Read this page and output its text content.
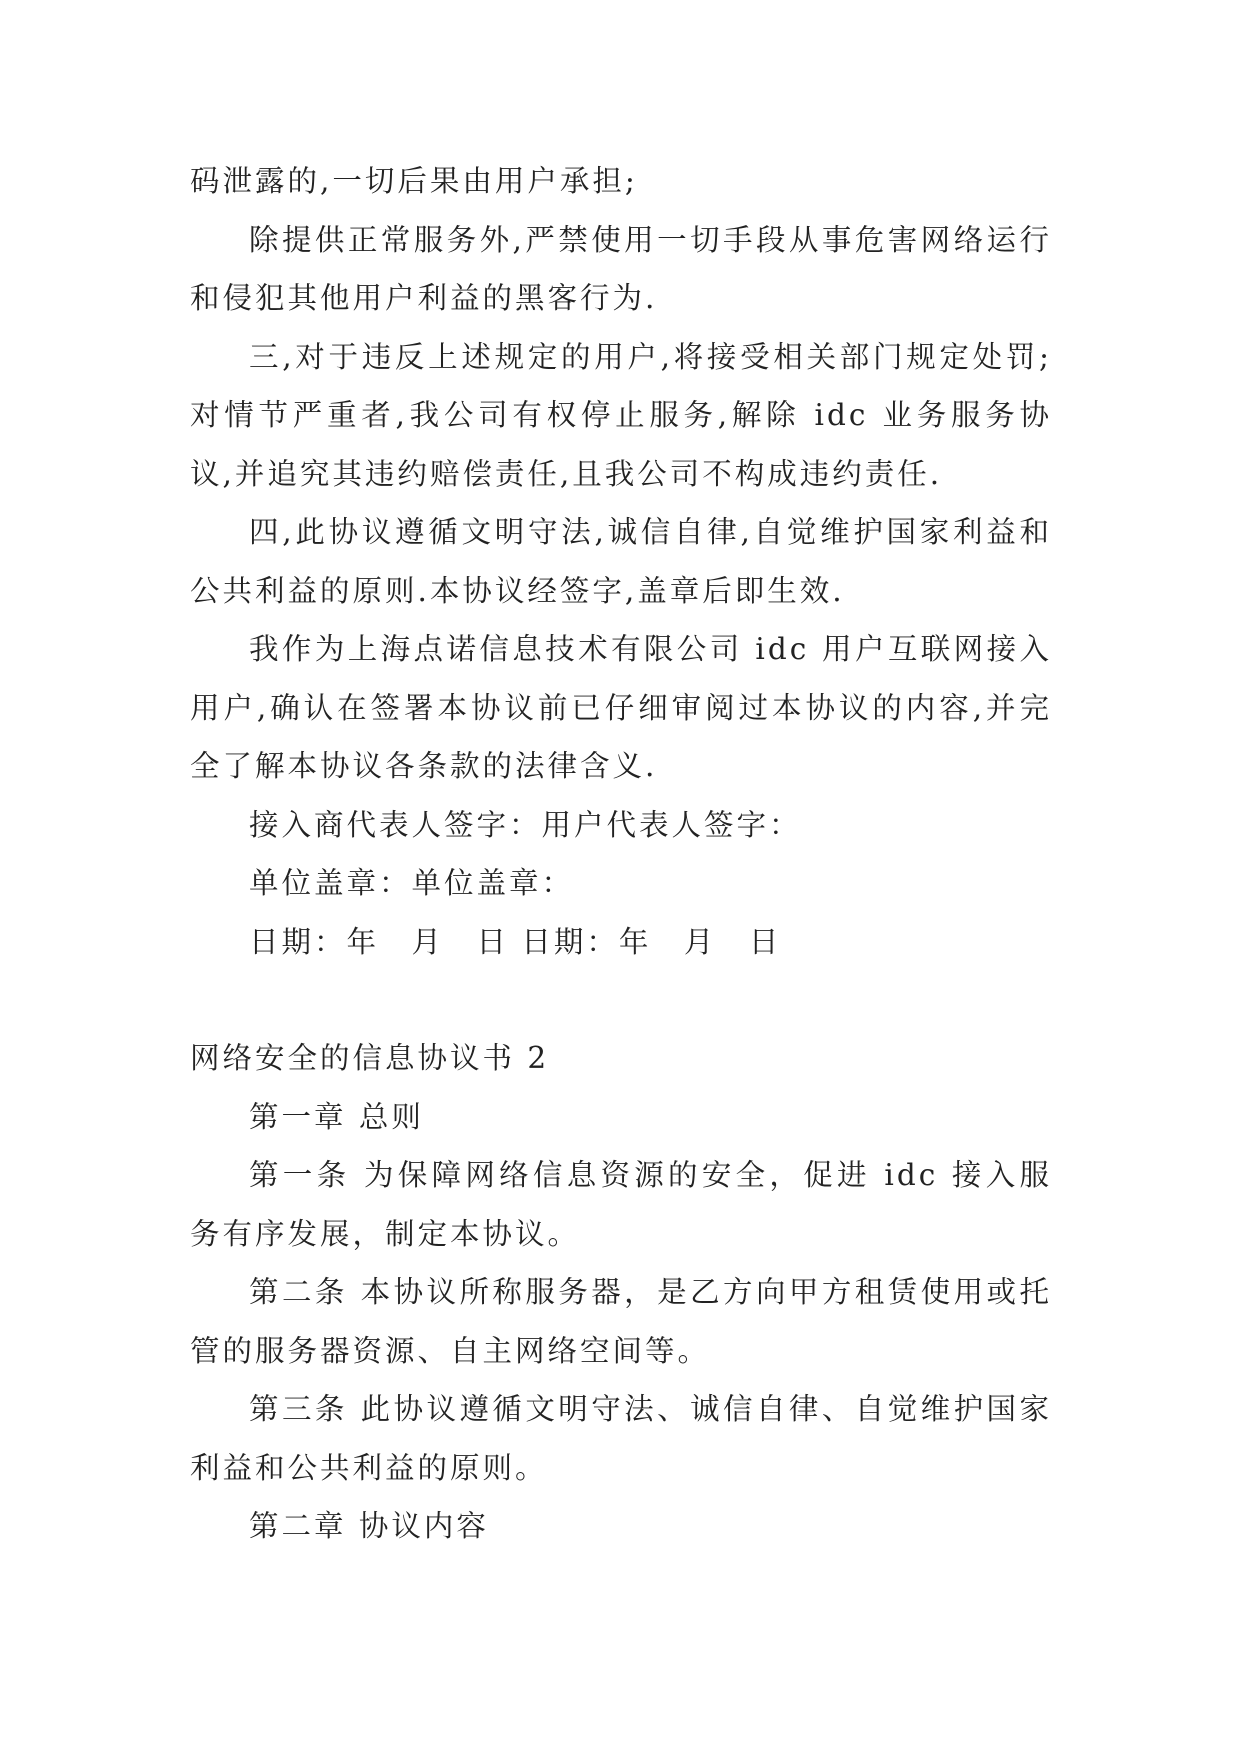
码泄露的,一切后果由用户承担;

除提供正常服务外,严禁使用一切手段从事危害网络运行和侵犯其他用户利益的黑客行为.

三,对于违反上述规定的用户,将接受相关部门规定处罚;对情节严重者,我公司有权停止服务,解除 idc 业务服务协议,并追究其违约赔偿责任,且我公司不构成违约责任.

四,此协议遵循文明守法,诚信自律,自觉维护国家利益和公共利益的原则.本协议经签字,盖章后即生效.

我作为上海点诺信息技术有限公司 idc 用户互联网接入用户,确认在签署本协议前已仔细审阅过本协议的内容,并完全了解本协议各条款的法律含义.

接入商代表人签字：用户代表人签字：

单位盖章：单位盖章：

日期：年　月　日 日期：年　月　日

网络安全的信息协议书 2

第一章 总则

第一条 为保障网络信息资源的安全，促进 idc 接入服务有序发展，制定本协议。

第二条 本协议所称服务器，是乙方向甲方租赁使用或托管的服务器资源、自主网络空间等。

第三条 此协议遵循文明守法、诚信自律、自觉维护国家利益和公共利益的原则。

第二章 协议内容
